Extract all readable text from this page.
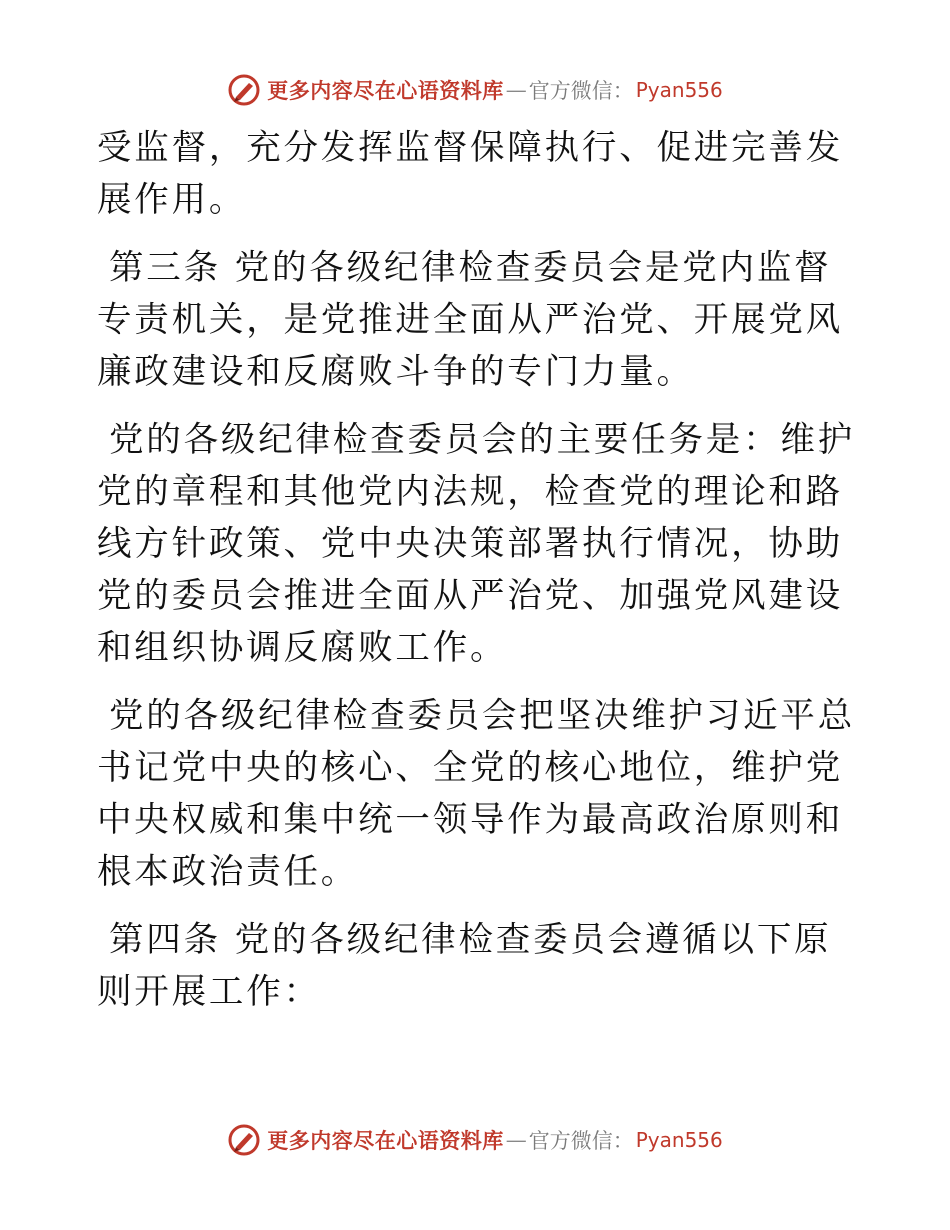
更多内容尽在心语资料库 — 官方微信： Pyan556

受监督，充分发挥监督保障执行、促进完善发展作用。

第三条 党的各级纪律检查委员会是党内监督专责机关，是党推进全面从严治党、开展党风廉政建设和反腐败斗争的专门力量。

党的各级纪律检查委员会的主要任务是：维护党的章程和其他党内法规，检查党的理论和路线方针政策、党中央决策部署执行情况，协助党的委员会推进全面从严治党、加强党风建设和组织协调反腐败工作。

党的各级纪律检查委员会把坚决维护习近平总书记党中央的核心、全党的核心地位，维护党中央权威和集中统一领导作为最高政治原则和根本政治责任。

第四条 党的各级纪律检查委员会遵循以下原则开展工作：

更多内容尽在心语资料库 — 官方微信： Pyan556
